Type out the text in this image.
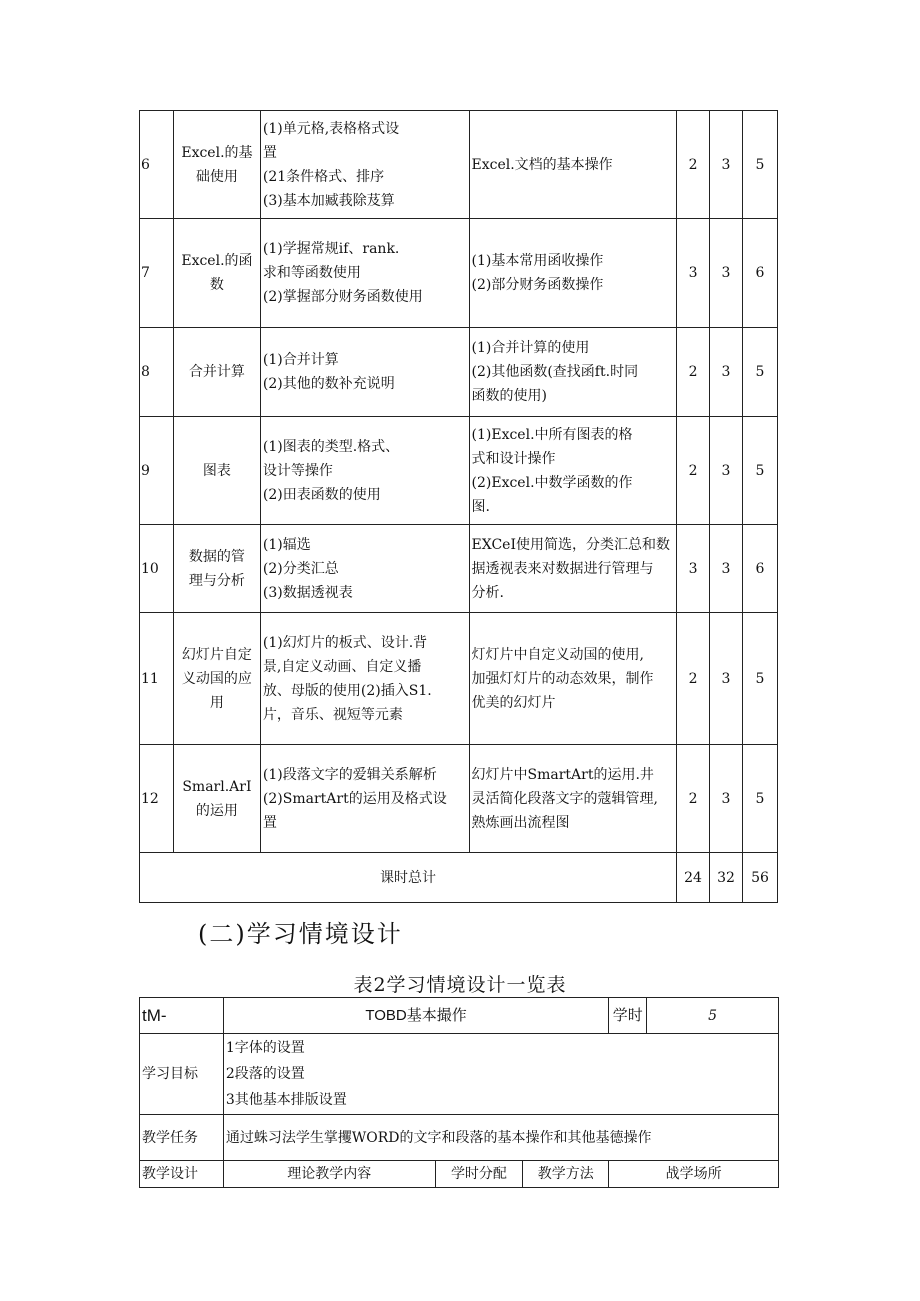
6	Excel.的基
础使用	(1)单元格,表格格式设
置
(21条件格式、排序
(3)基本加臧莪除芨算	Excel.文档的基本操作	2	3	5
7	Excel.的函
数	(1)学握常规if、rank.
求和等函数使用
(2)掌握部分财务函数使用	(1)基本常用函收操作
(2)部分财务函数操作	3	3	6
8	合并计算	(1)合并计算
(2)其他的数补充说明	(1)合并计算的使用
(2)其他函数(查找函ft.时同
函数的使用)	2	3	5
9	图表	(1)图表的类型.格式、
设计等操作
(2)田表函数的使用	(1)Excel.中所有图表的格
式和设计操作
(2)Excel.中数学函数的作
图.	2	3	5
10	数据的管
理与分析	(1)辐选
(2)分类汇总
(3)数据透视表	EXCeI使用简选，分类汇总和数
据透视表来对数据进行管理与
分析.	3	3	6
11	幻灯片自定
义动国的应
用	(1)幻灯片的板式、设计.背
景,自定义动画、自定义播
放、母版的使用(2)插入S1.
片，音乐、视短等元素	灯灯片中自定义动国的使用,
加强灯灯片的动态效果，制作
优美的幻灯片	2	3	5
12	Smarl.ArI
的运用	(1)段落文字的爱辑关系解析
(2)SmartArt的运用及格式设
置	幻灯片中SmartArt的运用.井
灵活简化段落文字的蔻辑管理,
熟炼画出流程图	2	3	5
课时总计				24	32	56
(二)学习情境设计
表2学习情境设计一览表
tM-	TOBD基本撮作			学时	5
学习目标	1字体的设置
2段落的设置
3其他基本排版设置				

教学任务	通过蛛习法学生掌攫WORD的文字和段落的基本操作和其他基德操作				
教学设计	理论教学内容	学时分配	教学方法	战学场所	
